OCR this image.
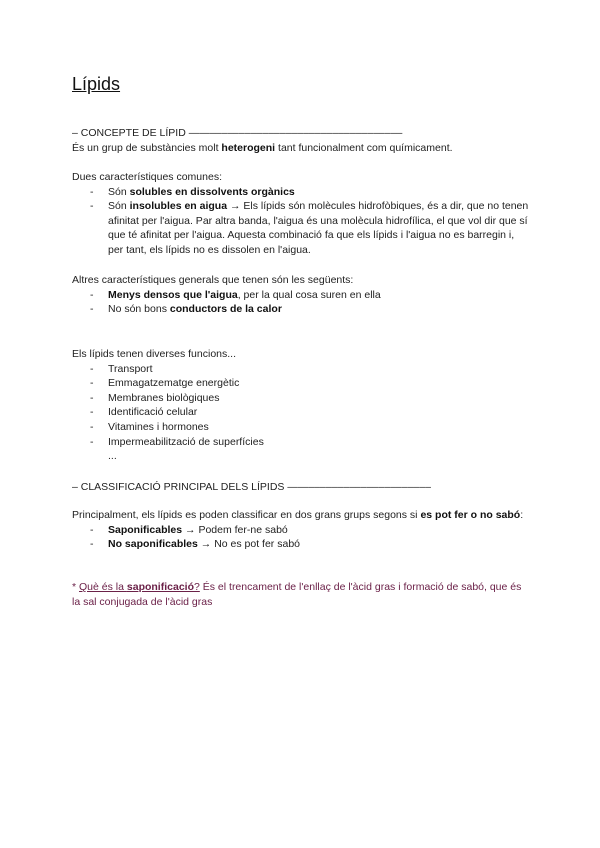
Lípids

– CONCEPTE DE LÍPID ——–––––––––––––––––––––––––––––––––

És un grup de substàncies molt heterogeni tant funcionalment com químicament.

Dues característiques comunes:

- Són solubles en dissolvents orgànics
- Són insolubles en aigua → Els lípids són molècules hidrofòbiques, és a dir, que no tenen afinitat per l'aigua. Par altra banda, l'aigua és una molècula hidrofílica, el que vol dir que sí que té afinitat per l'aigua. Aquesta combinació fa que els lípids i l'aigua no es barregin i, per tant, els lípids no es dissolen en l'aigua.

Altres característiques generals que tenen són les següents:

- Menys densos que l'aigua, per la qual cosa suren en ella
- No són bons conductors de la calor

Els lípids tenen diverses funcions...

- Transport
- Emmagatzematge energètic
- Membranes biològiques
- Identificació celular
- Vitamines i hormones
- Impermeabilització de superfícies
...

– CLASSIFICACIÓ PRINCIPAL DELS LÍPIDS ——–––––––––––––––––––––

Principalment, els lípids es poden classificar en dos grans grups segons si es pot fer o no sabó:

- Saponificables → Podem fer-ne sabó
- No saponificables → No es pot fer sabó

* Què és la saponificació? És el trencament de l'enllaç de l'àcid gras i formació de sabó, que és la sal conjugada de l'àcid gras
